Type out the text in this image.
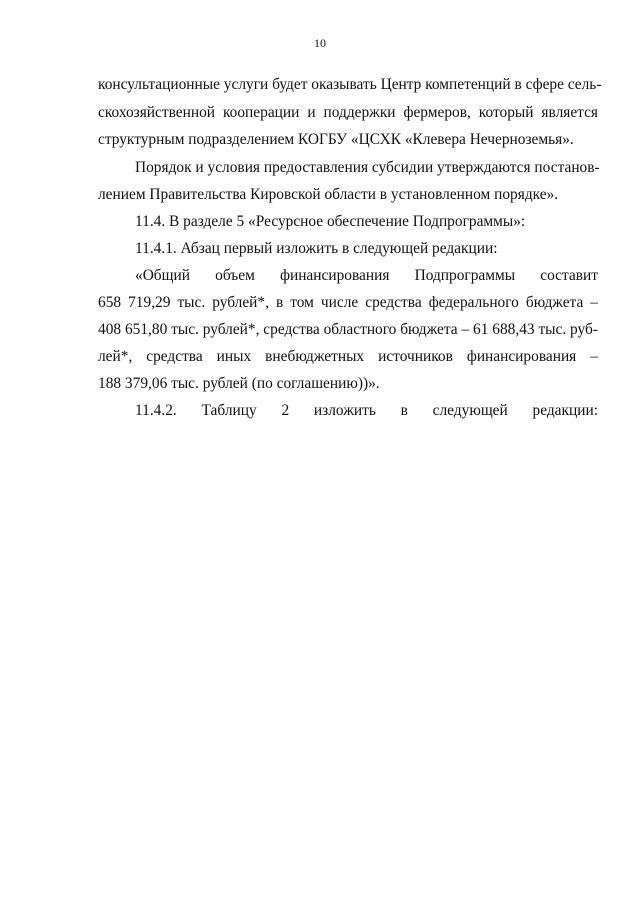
10
консультационные услуги будет оказывать Центр компетенций в сфере сель-
скохозяйственной кооперации и поддержки фермеров, который является
структурным подразделением КОГБУ «ЦСХК «Клевера Нечерноземья».
Порядок и условия предоставления субсидии утверждаются постанов-
лением Правительства Кировской области в установленном порядке».
11.4. В разделе 5 «Ресурсное обеспечение Подпрограммы»:
11.4.1. Абзац первый изложить в следующей редакции:
«Общий объем финансирования Подпрограммы составит
658 719,29 тыс. рублей*, в том числе средства федерального бюджета –
408 651,80 тыс. рублей*, средства областного бюджета – 61 688,43 тыс. руб-
лей*, средства иных внебюджетных источников финансирования –
188 379,06 тыс. рублей (по соглашению))».
11.4.2. Таблицу 2 изложить в следующей редакции:
